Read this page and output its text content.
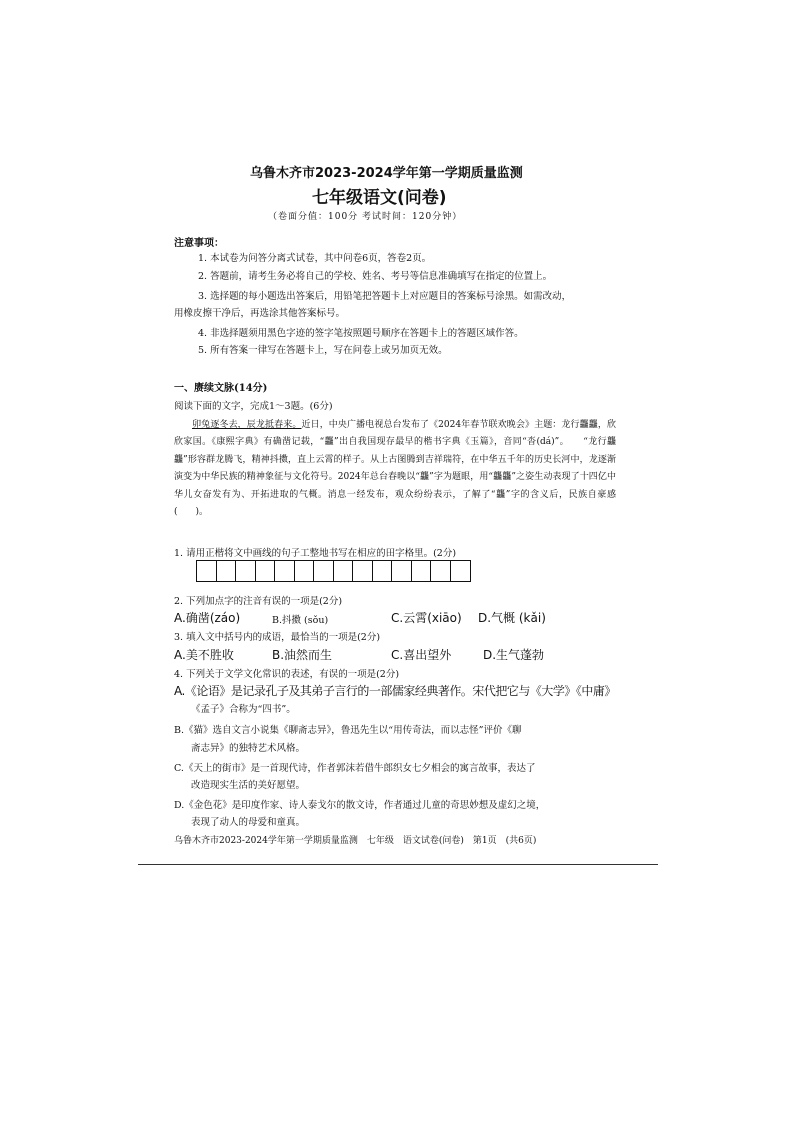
乌鲁木齐市2023-2024学年第一学期质量监测
七年级语文(问卷)
（卷面分值：100分 考试时间：120分钟）
注意事项：
1. 本试卷为问答分离式试卷，其中问卷6页，答卷2页。
2. 答题前，请考生务必将自己的学校、姓名、考号等信息准确填写在指定的位置上。
3. 选择题的每小题选出答案后，用铅笔把答题卡上对应题目的答案标号涂黑。如需改动，
用橡皮擦干净后，再选涂其他答案标号。
4. 非选择题须用黑色字迹的签字笔按照题号顺序在答题卡上的答题区域作答。
5. 所有答案一律写在答题卡上，写在问卷上或另加页无效。
一、赓续文脉(14分)
阅读下面的文字，完成1～3题。(6分)
卯兔逐冬去，辰龙抵春来。近日，中央广播电视总台发布了《2024年春节联欢晚会》主题：龙行龘龘，欣欣家国。《康熙字典》有确凿记载，“龘”出自我国现存最早的楷书字典《玉篇》，音同“沓(dá)”。　　“龙行龘龘”形容群龙腾飞，精神抖擞，直上云霄的样子。从上古图腾到吉祥瑞符，在中华五千年的历史长河中，龙逐渐演变为中华民族的精神象征与文化符号。2024年总台春晚以“龘”字为题眼，用“龘龘”之姿生动表现了十四亿中华儿女奋发有为、开拓进取的气概。消息一经发布，观众纷纷表示，了解了“龘”字的含义后，民族自豪感(　　)。
1. 请用正楷将文中画线的句子工整地书写在相应的田字格里。(2分)
2. 下列加点字的注音有误的一项是(2分)
A.确凿(záo)	B.抖擞 (sǒu)	C.云霄(xiāo) D.气概 (kǎi)
3. 填入文中括号内的成语，最恰当的一项是(2分)
A.美不胜收	B.油然而生	C.喜出望外	D.生气蓬勃
4. 下列关于文学文化常识的表述，有误的一项是(2分)
A.《论语》是记录孔子及其弟子言行的一部儒家经典著作。宋代把它与《大学》《中庸》
《孟子》合称为“四书”。
B.《猫》选自文言小说集《聊斋志异》，鲁迅先生以“用传奇法，而以志怪”评价《聊
斋志异》的独特艺术风格。
C.《天上的街市》是一首现代诗，作者郭沫若借牛郎织女七夕相会的寓言故事，表达了
改造现实生活的美好愿望。
D.《金色花》是印度作家、诗人泰戈尔的散文诗，作者通过儿童的奇思妙想及虚幻之境，
表现了动人的母爱和童真。
乌鲁木齐市2023-2024学年第一学期质量监测　七年级　语文试卷(问卷)　第1页　(共6页)
